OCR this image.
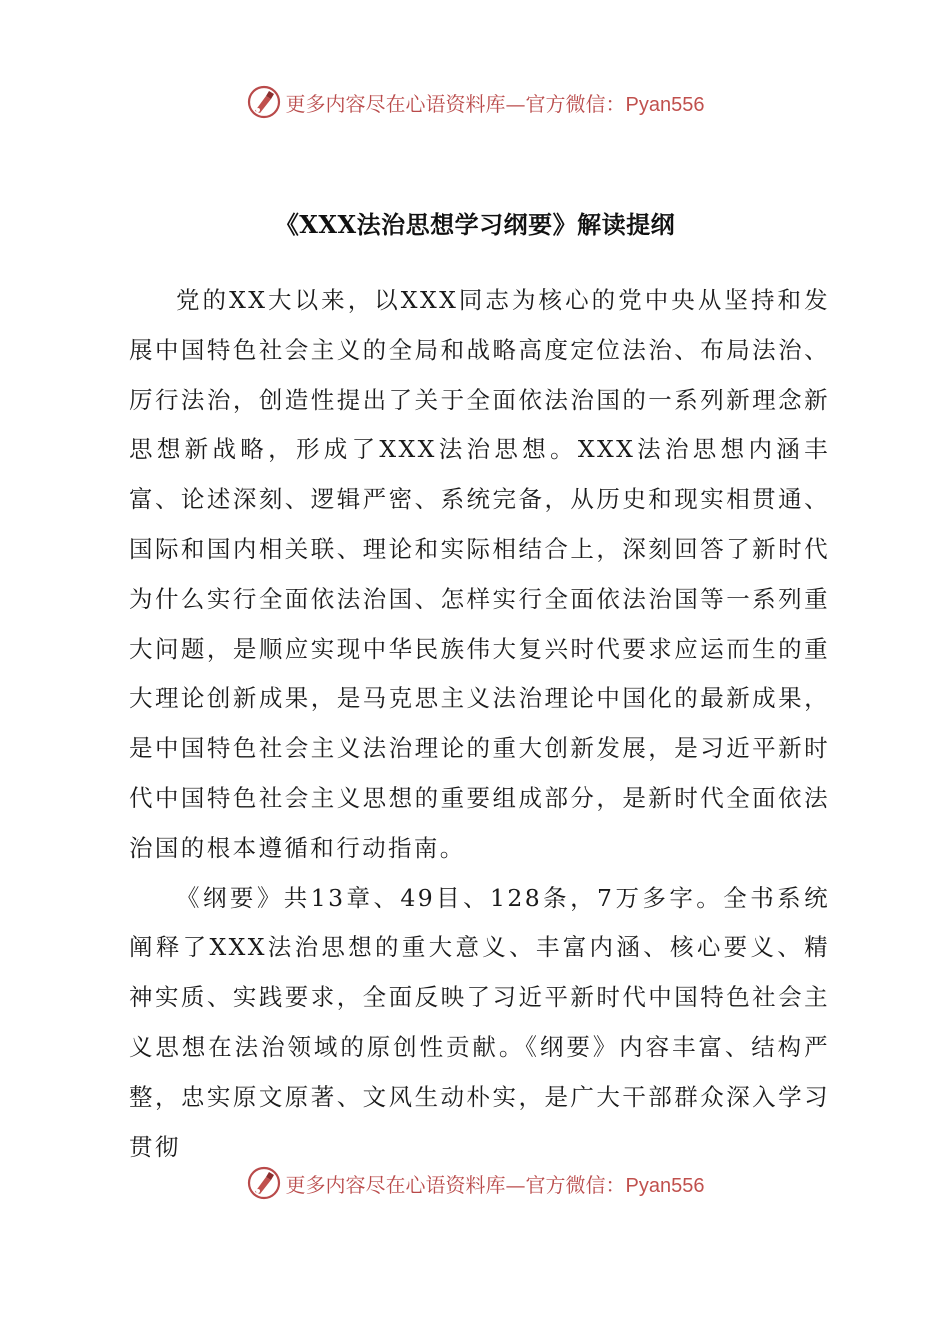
更多内容尽在心语资料库—官方微信：Pyan556
《XXX法治思想学习纲要》解读提纲

党的XX大以来，以XXX同志为核心的党中央从坚持和发展中国特色社会主义的全局和战略高度定位法治、布局法治、厉行法治，创造性提出了关于全面依法治国的一系列新理念新思想新战略，形成了XXX法治思想。XXX法治思想内涵丰富、论述深刻、逻辑严密、系统完备，从历史和现实相贯通、国际和国内相关联、理论和实际相结合上，深刻回答了新时代为什么实行全面依法治国、怎样实行全面依法治国等一系列重大问题，是顺应实现中华民族伟大复兴时代要求应运而生的重大理论创新成果，是马克思主义法治理论中国化的最新成果，是中国特色社会主义法治理论的重大创新发展，是习近平新时代中国特色社会主义思想的重要组成部分，是新时代全面依法治国的根本遵循和行动指南。

《纲要》共13章、49目、128条，7万多字。全书系统阐释了XXX法治思想的重大意义、丰富内涵、核心要义、精神实质、实践要求，全面反映了习近平新时代中国特色社会主义思想在法治领域的原创性贡献。《纲要》内容丰富、结构严整，忠实原文原著、文风生动朴实，是广大干部群众深入学习贯彻

更多内容尽在心语资料库—官方微信：Pyan556
